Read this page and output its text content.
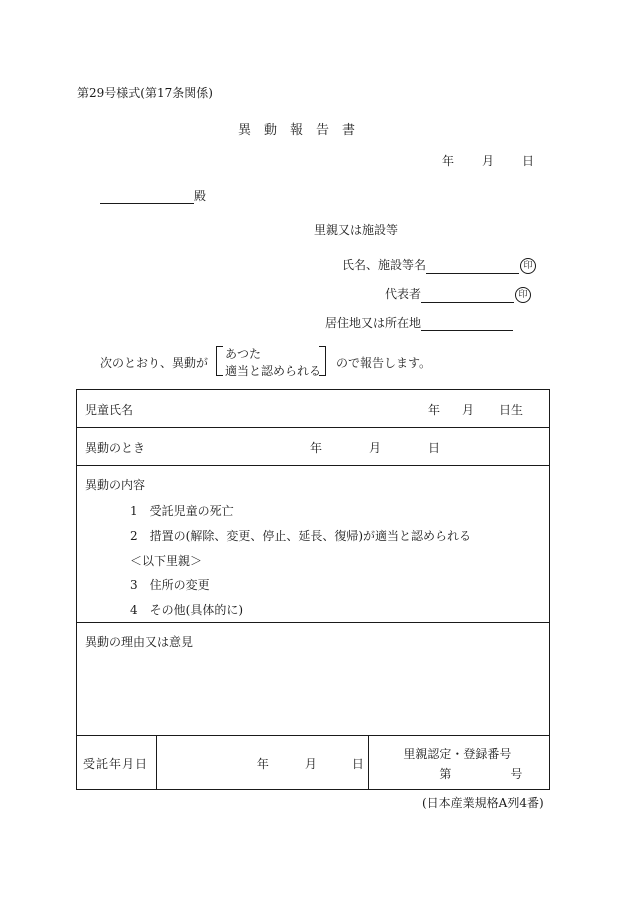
第29号様式(第17条関係)
異　動　報　告　書
年 月 日
殿
里親又は施設等
氏名、施設等名	印
代表者	印
居住地又は所在地
次のとおり、異動が
あつた
適当と認められる
ので報告します。
児童氏名	年 月 日生

異動のとき	年	月	日

異動の内容
1　受託児童の死亡
2　措置の(解除、変更、停止、延長、復帰)が適当と認められる
＜以下里親＞
3　住所の変更
4　その他(具体的に)

異動の理由又は意見

受託年月日	年	月	日

里親認定・登録番号
第	号
(日本産業規格A列4番)
